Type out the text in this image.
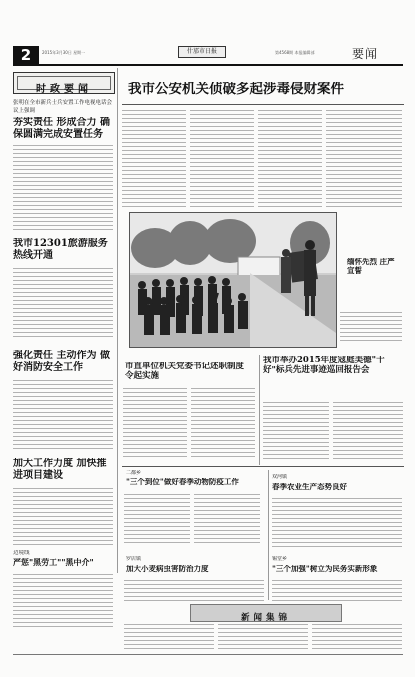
2	2015年3月30日 星期一	什邡市日报	第4568期 本报编辑部	要闻
时政要闻
张明在全市新兵士兵安置工作电视电话会议上强调
夯实责任 形成合力 确保圆满完成安置任务
我市12301旅游服务热线开通
强化责任 主动作为 做好消防安全工作
加大工作力度 加快推进项目建设
边境线
严惩"黑劳工""黑中介"
我市公安机关侦破多起涉毒侵财案件
缅怀先烈 庄严宣誓
市直单位机关党委书记述职制度令起实施
我市举办2015年度寇庭美德"十好"标兵先进事迹巡回报告会
二都乡
"三个到位"做好春季动物防疫工作	双河镇
春季农业生产态势良好
罗店镇
加大小麦病虫害防治力度
锡堂乡
"三个加强"树立为民务实新形象
新闻集锦
